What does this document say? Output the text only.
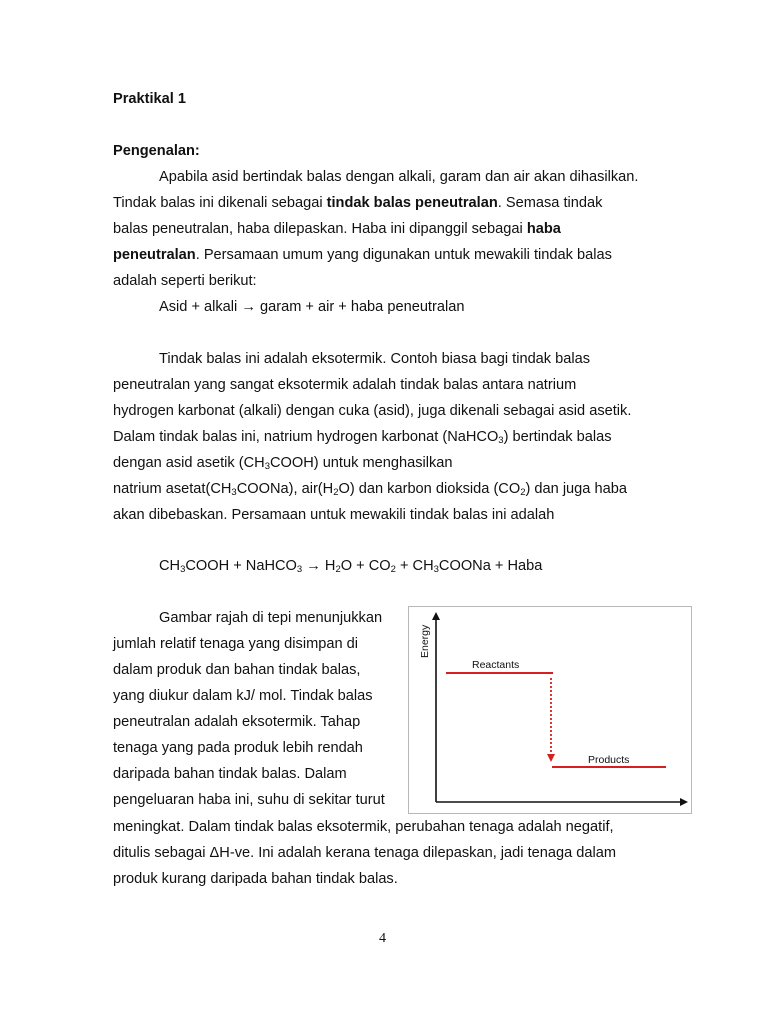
Praktikal 1
Pengenalan:
Apabila asid bertindak balas dengan alkali, garam dan air akan dihasilkan.
Tindak balas ini dikenali sebagai tindak balas peneutralan. Semasa tindak
balas peneutralan, haba dilepaskan. Haba ini dipanggil sebagai haba
peneutralan. Persamaan umum yang digunakan untuk mewakili tindak balas
adalah seperti berikut:
Asid + alkali → garam + air + haba peneutralan
Tindak balas ini adalah eksotermik. Contoh biasa bagi tindak balas
peneutralan yang sangat eksotermik adalah tindak balas antara natrium
hydrogen karbonat (alkali) dengan cuka (asid), juga dikenali sebagai asid asetik.
Dalam tindak balas ini, natrium hydrogen karbonat (NaHCO$_3$) bertindak balas
dengan asid asetik $(CH_3COOH)$ untuk menghasilkan
natrium $asetat(CH_3COONa)$, $air(H_2O)$ dan karbon dioksida $(CO_2)$ dan juga haba
akan dibebaskan. Persamaan untuk mewakili tindak balas ini adalah
$CH_3COOH$ + NaHCO$_3$ → $H_2O + CO_2$ + $CH_3COONa$ + Haba
Gambar rajah di tepi menunjukkan
jumlah relatif tenaga yang disimpan di
dalam produk dan bahan tindak balas,
yang diukur dalam kJ/ mol. Tindak balas
peneutralan adalah eksotermik. Tahap
tenaga yang pada produk lebih rendah
daripada bahan tindak balas. Dalam
pengeluaran haba ini, suhu di sekitar turut
meningkat. Dalam tindak balas eksotermik, perubahan tenaga adalah negatif,
ditulis sebagai ΔH-ve. Ini adalah kerana tenaga dilepaskan, jadi tenaga dalam
produk kurang daripada bahan tindak balas.
Energy
Reactants
Products
4
